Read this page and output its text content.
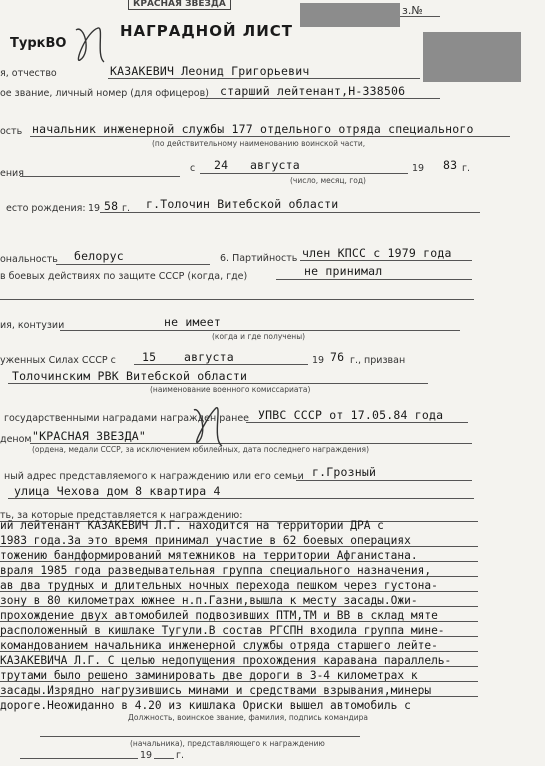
КРАСНАЯ ЗВЕЗДА	з.№
ТуркВО
НАГРАДНОЙ ЛИСТ
я, отчество	КАЗАКЕВИЧ Леонид Григорьевич
ое звание, личный номер (для офицеров) старший лейтенант,Н-338506
ость начальник инженерной службы 177 отдельного отряда специального
(по действительному наименованию воинской части,
ения	с 24 августа	19 83 г.
(число, месяц, год)
есто рождения: 19 58 г. г.Толочин Витебской области
ональность белорус	6. Партийность член КПСС с 1979 года
в боевых действиях по защите СССР (когда, где)	не принимал
ия, контузии	не имеет
(когда и где получены)
уженных Силах СССР с 15 августа	19 76 г., призван
Толочинским РВК Витебской области
(наименование военного комиссариата)
государственными наградами награжден ранее УПВС СССР от 17.05.84 года
деном "КРАСНАЯ ЗВЕЗДА"
(ордена, медали СССР, за исключением юбилейных, дата последнего награждения)
ный адрес представляемого к награждению или его семьи г.Грозный
улица Чехова дом 8 квартира 4
ть, за которые представляется к награждению:
ий лейтенант КАЗАКЕВИЧ Л.Г. находится на территории ДРА с
1983 года.За это время принимал участие в 62 боевых операциях
тожению бандформирований мятежников на территории Афганистана.
враля 1985 года разведывательная группа специального назначения,
ав два трудных и длительных ночных перехода пешком через густона-
зону в 80 километрах южнее н.п.Газни,вышла к месту засады.Ожи-
прохождение двух автомобилей подвозивших ПТМ,ТМ и ВВ в склад мяте
расположенный в кишлаке Тугули.В состав РГСПН входила группа мине-
командованием начальника инженерной службы отряда старшего лейте-
КАЗАКЕВИЧА Л.Г. С целью недопущения прохождения каравана параллель-
трутами было решено заминировать две дороги в 3-4 километрах к
засады.Изрядно нагрузившись минами и средствами взрывания,минеры
дороге.Неожиданно в 4.20 из кишлака Ориски вышел автомобиль с
Должность, воинское звание, фамилия, подпись командира
(начальника), представляющего к награждению
19	г.
